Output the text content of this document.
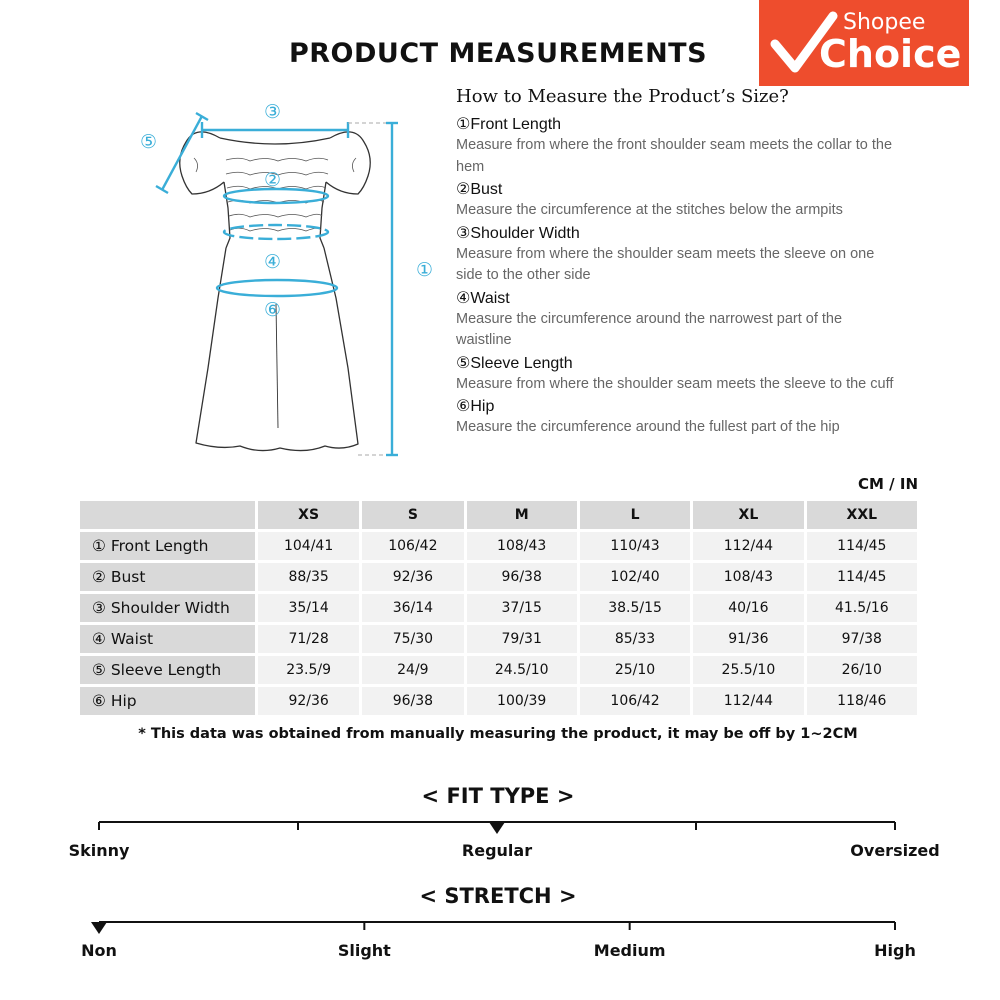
Shopee
Choice
PRODUCT MEASUREMENTS
③
⑤
②
④
⑥
①
How to Measure the Product’s Size?
①Front Length
Measure from where the front shoulder seam meets the collar to the hem
②Bust
Measure the circumference at the stitches below the armpits
③Shoulder Width
Measure from where the shoulder seam meets the sleeve on one side to the other side
④Waist
Measure the circumference around the narrowest part of the waistline
⑤Sleeve Length
Measure from where the shoulder seam meets the sleeve to the cuff
⑥Hip
Measure the circumference around the fullest part of the hip
CM / IN
	XS	S	M	L	XL	XXL
① Front Length	104/41	106/42	108/43	110/43	112/44	114/45
② Bust	88/35	92/36	96/38	102/40	108/43	114/45
③ Shoulder Width	35/14	36/14	37/15	38.5/15	40/16	41.5/16
④ Waist	71/28	75/30	79/31	85/33	91/36	97/38
⑤ Sleeve Length	23.5/9	24/9	24.5/10	25/10	25.5/10	26/10
⑥ Hip	92/36	96/38	100/39	106/42	112/44	118/46
* This data was obtained from manually measuring the product, it may be off by 1~2CM
< FIT TYPE >
Skinny	Regular	Oversized
< STRETCH >
Non	Slight	Medium	High
